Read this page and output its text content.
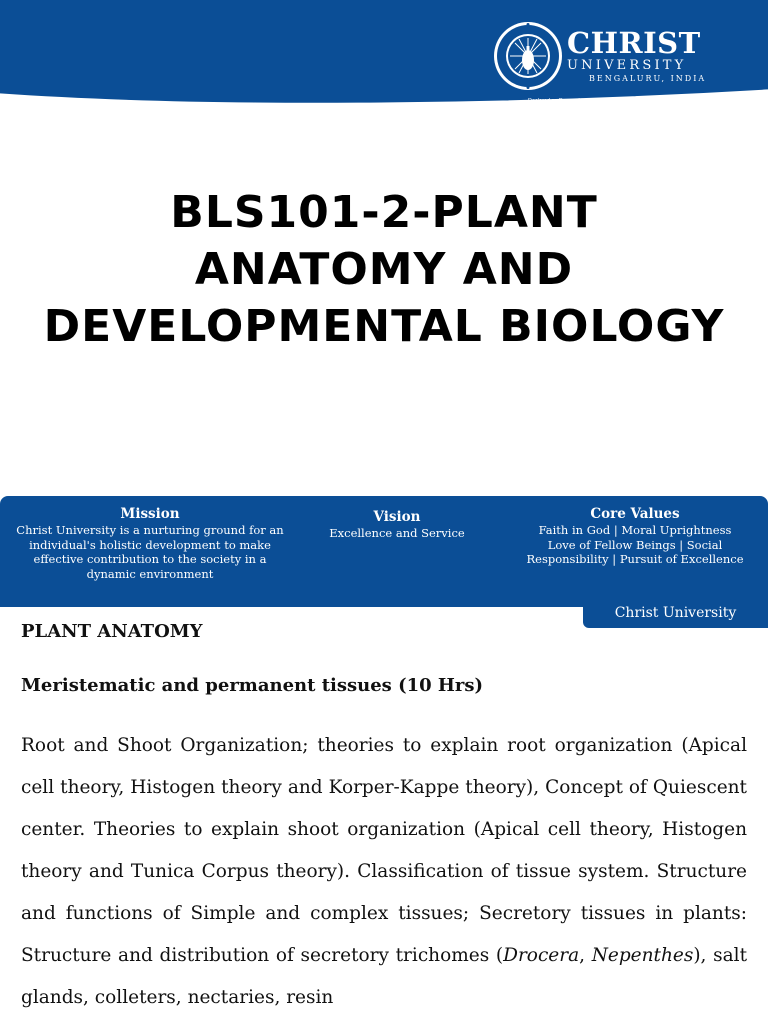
CHRIST
UNIVERSITY
BENGALURU, INDIA
Declared as Deemed to be University under Section 3 of UGC Act 1956
BLS101-2-PLANT
ANATOMY AND
DEVELOPMENTAL BIOLOGY
Mission
Christ University is a nurturing ground for an
individual's holistic development to make
effective contribution to the society in a
dynamic environment
Vision
Excellence and Service
Core Values
Faith in God | Moral Uprightness
Love of Fellow Beings | Social
Responsibility | Pursuit of Excellence
Christ University

PLANT ANATOMY

Meristematic and permanent tissues (10 Hrs)

Root and Shoot Organization; theories to explain root organization (Apical cell theory, Histogen theory and Korper-Kappe theory), Concept of Quiescent center. Theories to explain shoot organization (Apical cell theory, Histogen theory and Tunica Corpus theory). Classification of tissue system. Structure and functions of Simple and complex tissues; Secretory tissues in plants: Structure and distribution of secretory trichomes (Drocera, Nepenthes), salt glands, colleters, nectaries, resin
